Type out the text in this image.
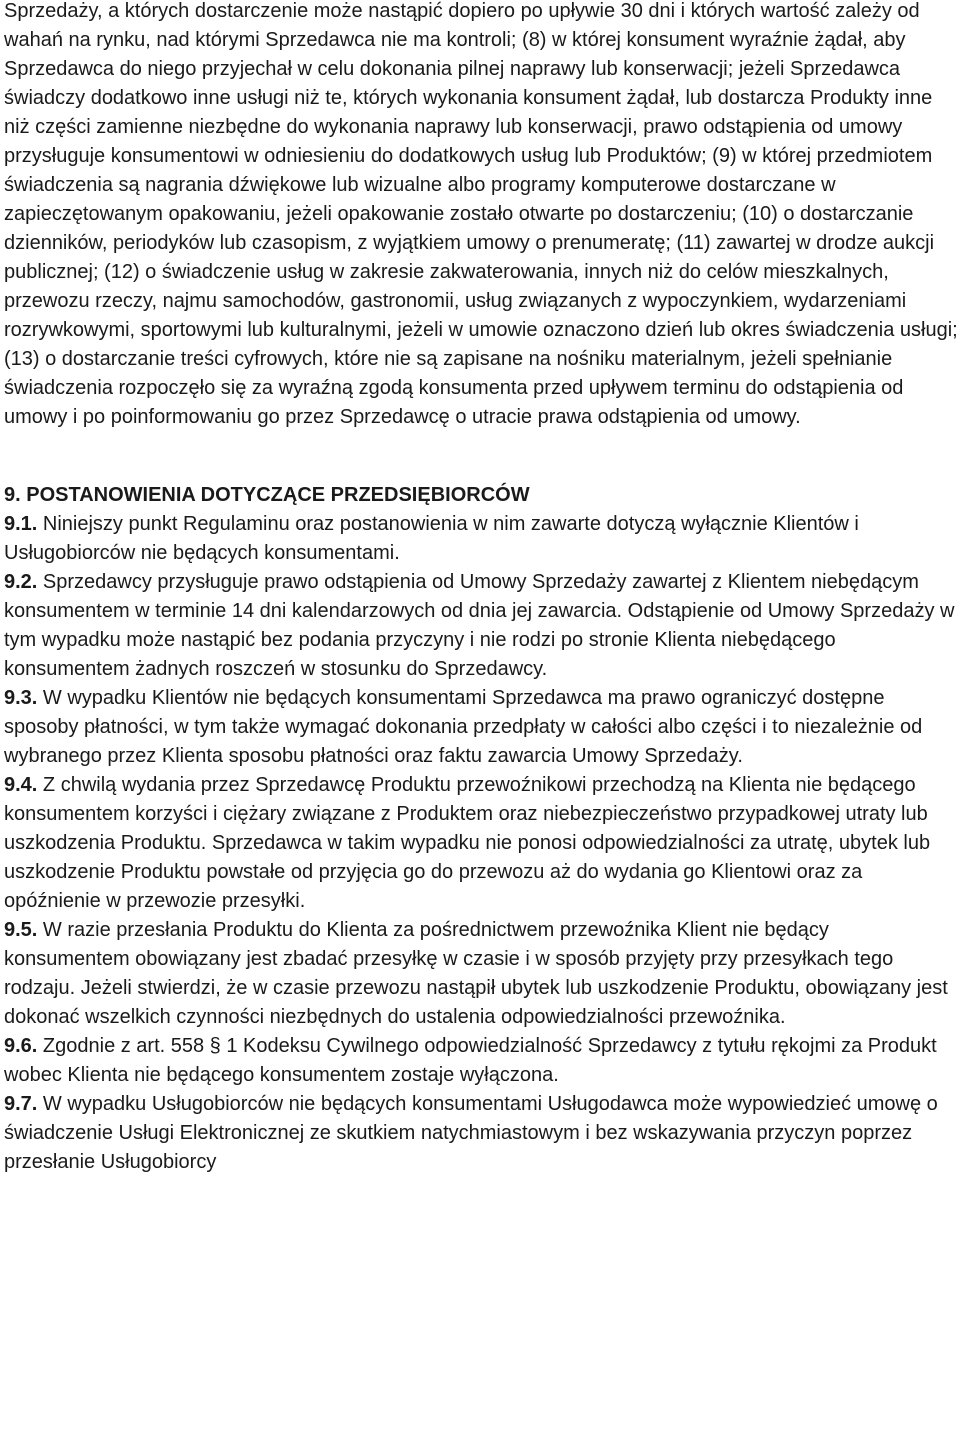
Sprzedaży, a których dostarczenie może nastąpić dopiero po upływie 30 dni i których wartość zależy od wahań na rynku, nad którymi Sprzedawca nie ma kontroli; (8) w której konsument wyraźnie żądał, aby Sprzedawca do niego przyjechał w celu dokonania pilnej naprawy lub konserwacji; jeżeli Sprzedawca świadczy dodatkowo inne usługi niż te, których wykonania konsument żądał, lub dostarcza Produkty inne niż części zamienne niezbędne do wykonania naprawy lub konserwacji, prawo odstąpienia od umowy przysługuje konsumentowi w odniesieniu do dodatkowych usług lub Produktów; (9) w której przedmiotem świadczenia są nagrania dźwiękowe lub wizualne albo programy komputerowe dostarczane w zapieczętowanym opakowaniu, jeżeli opakowanie zostało otwarte po dostarczeniu; (10) o dostarczanie dzienników, periodyków lub czasopism, z wyjątkiem umowy o prenumeratę; (11) zawartej w drodze aukcji publicznej; (12) o świadczenie usług w zakresie zakwaterowania, innych niż do celów mieszkalnych, przewozu rzeczy, najmu samochodów, gastronomii, usług związanych z wypoczynkiem, wydarzeniami rozrywkowymi, sportowymi lub kulturalnymi, jeżeli w umowie oznaczono dzień lub okres świadczenia usługi; (13) o dostarczanie treści cyfrowych, które nie są zapisane na nośniku materialnym, jeżeli spełnianie świadczenia rozpoczęło się za wyraźną zgodą konsumenta przed upływem terminu do odstąpienia od umowy i po poinformowaniu go przez Sprzedawcę o utracie prawa odstąpienia od umowy.

9. POSTANOWIENIA DOTYCZĄCE PRZEDSIĘBIORCÓW

9.1. Niniejszy punkt Regulaminu oraz postanowienia w nim zawarte dotyczą wyłącznie Klientów i Usługobiorców nie będących konsumentami.

9.2. Sprzedawcy przysługuje prawo odstąpienia od Umowy Sprzedaży zawartej z Klientem niebędącym konsumentem w terminie 14 dni kalendarzowych od dnia jej zawarcia. Odstąpienie od Umowy Sprzedaży w tym wypadku może nastąpić bez podania przyczyny i nie rodzi po stronie Klienta niebędącego konsumentem żadnych roszczeń w stosunku do Sprzedawcy.

9.3. W wypadku Klientów nie będących konsumentami Sprzedawca ma prawo ograniczyć dostępne sposoby płatności, w tym także wymagać dokonania przedpłaty w całości albo części i to niezależnie od wybranego przez Klienta sposobu płatności oraz faktu zawarcia Umowy Sprzedaży.

9.4. Z chwilą wydania przez Sprzedawcę Produktu przewoźnikowi przechodzą na Klienta nie będącego konsumentem korzyści i ciężary związane z Produktem oraz niebezpieczeństwo przypadkowej utraty lub uszkodzenia Produktu. Sprzedawca w takim wypadku nie ponosi odpowiedzialności za utratę, ubytek lub uszkodzenie Produktu powstałe od przyjęcia go do przewozu aż do wydania go Klientowi oraz za opóźnienie w przewozie przesyłki.

9.5. W razie przesłania Produktu do Klienta za pośrednictwem przewoźnika Klient nie będący konsumentem obowiązany jest zbadać przesyłkę w czasie i w sposób przyjęty przy przesyłkach tego rodzaju. Jeżeli stwierdzi, że w czasie przewozu nastąpił ubytek lub uszkodzenie Produktu, obowiązany jest dokonać wszelkich czynności niezbędnych do ustalenia odpowiedzialności przewoźnika.

9.6. Zgodnie z art. 558 § 1 Kodeksu Cywilnego odpowiedzialność Sprzedawcy z tytułu rękojmi za Produkt wobec Klienta nie będącego konsumentem zostaje wyłączona.

9.7. W wypadku Usługobiorców nie będących konsumentami Usługodawca może wypowiedzieć umowę o świadczenie Usługi Elektronicznej ze skutkiem natychmiastowym i bez wskazywania przyczyn poprzez przesłanie Usługobiorcy
